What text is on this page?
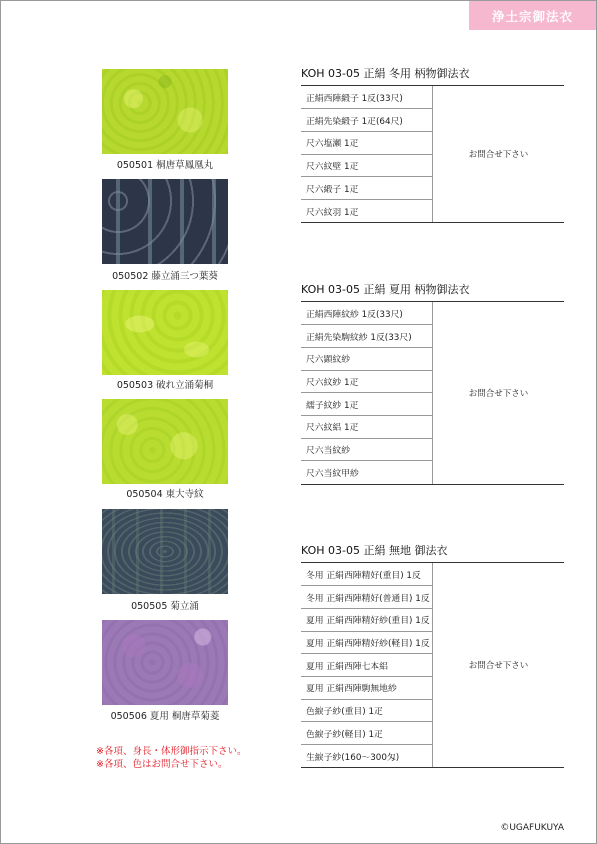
浄土宗御法衣
050501 桐唐草鳳凰丸
050502 藤立涌三つ葉葵
050503 破れ立涌菊桐
050504 東大寺紋
050505 菊立涌
050506 夏用 桐唐草菊菱
※各項、身長・体形御指示下さい。
※各項、色はお問合せ下さい。
KOH 03-05 正絹 冬用 柄物御法衣
正絹西陣緞子 1反(33尺)
正絹先染緞子 1疋(64尺)
尺六塩瀬 1疋
尺六紋壁 1疋
尺六緞子 1疋
尺六紋羽 1疋
お問合せ下さい
KOH 03-05 正絹 夏用 柄物御法衣
正絹西陣紋紗 1反(33尺)
正絹先染駒紋紗 1反(33尺)
尺六顕紋紗
尺六紋紗 1疋
繻子紋紗 1疋
尺六紋絽 1疋
尺六当紋紗
尺六当紋甲紗
お問合せ下さい
KOH 03-05 正絹 無地 御法衣
冬用 正絹西陣精好(重目) 1反
冬用 正絹西陣精好(普通目) 1反
夏用 正絹西陣精好紗(重目) 1反
夏用 正絹西陣精好紗(軽目) 1反
夏用 正絹西陣七本絽
夏用 正絹西陣駒無地紗
色綟子紗(重目) 1疋
色綟子紗(軽目) 1疋
生綟子紗(160～300匁)
お問合せ下さい
©UGAFUKUYA
